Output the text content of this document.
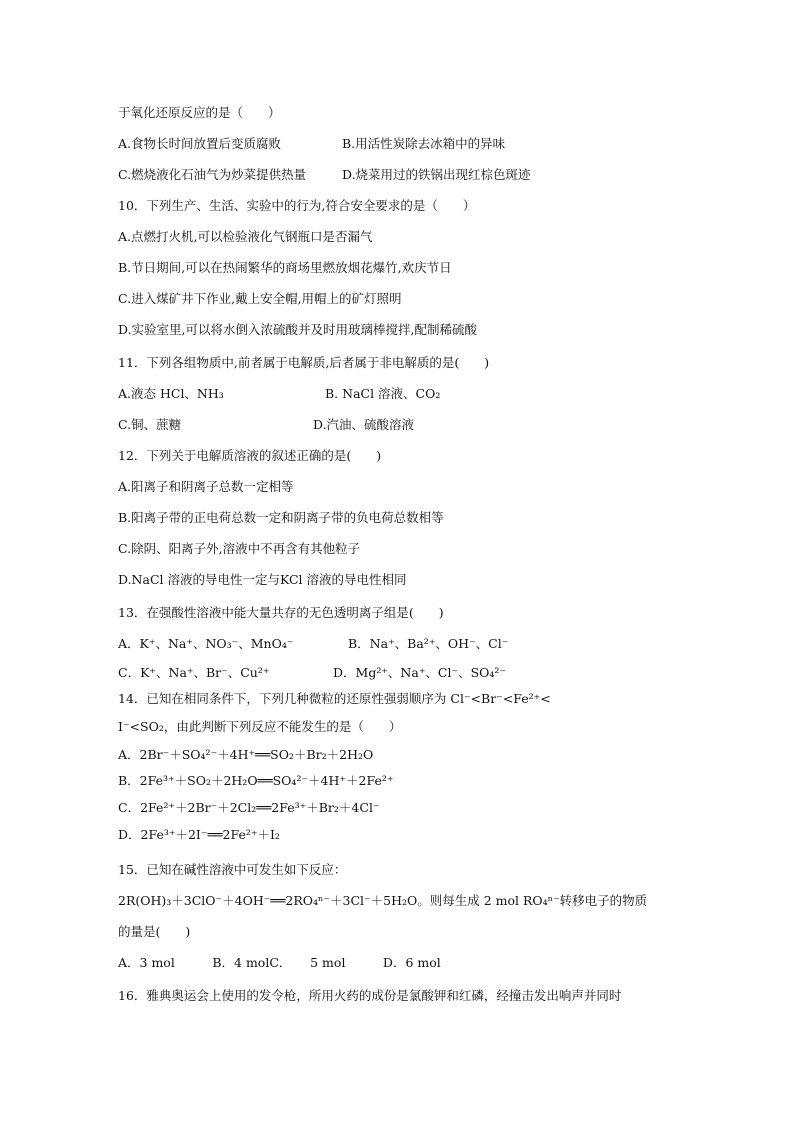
于氧化还原反应的是（　　）
A.食物长时间放置后变质腐败	B.用活性炭除去冰箱中的异味
C.燃烧液化石油气为炒菜提供热量	D.烧菜用过的铁锅出现红棕色斑迹
10．下列生产、生活、实验中的行为,符合安全要求的是（　　）
A.点燃打火机,可以检验液化气钢瓶口是否漏气
B.节日期间,可以在热闹繁华的商场里燃放烟花爆竹,欢庆节日
C.进入煤矿井下作业,戴上安全帽,用帽上的矿灯照明
D.实验室里,可以将水倒入浓硫酸并及时用玻璃棒搅拌,配制稀硫酸
11．下列各组物质中,前者属于电解质,后者属于非电解质的是(　　)
A.液态 HCl、NH₃	B. NaCl 溶液、CO₂
C.铜、蔗糖	D.汽油、硫酸溶液
12．下列关于电解质溶液的叙述正确的是(　　)
A.阳离子和阴离子总数一定相等
B.阳离子带的正电荷总数一定和阴离子带的负电荷总数相等
C.除阴、阳离子外,溶液中不再含有其他粒子
D.NaCl 溶液的导电性一定与KCl 溶液的导电性相同
13．在强酸性溶液中能大量共存的无色透明离子组是(　　)
A．K⁺、Na⁺、NO₃⁻、MnO₄⁻	B．Na⁺、Ba²⁺、OH⁻、Cl⁻
C．K⁺、Na⁺、Br⁻、Cu²⁺	D．Mg²⁺、Na⁺、Cl⁻、SO₄²⁻
14．已知在相同条件下，下列几种微粒的还原性强弱顺序为 Cl⁻<Br⁻<Fe²⁺<
I⁻<SO₂，由此判断下列反应不能发生的是（　　）
A．2Br⁻＋SO₄²⁻＋4H⁺══SO₂＋Br₂＋2H₂O
B．2Fe³⁺＋SO₂＋2H₂O══SO₄²⁻＋4H⁺＋2Fe²⁺
C．2Fe²⁺＋2Br⁻＋2Cl₂══2Fe³⁺＋Br₂＋4Cl⁻
D．2Fe³⁺＋2I⁻══2Fe²⁺＋I₂
15．已知在碱性溶液中可发生如下反应：
2R(OH)₃＋3ClO⁻＋4OH⁻══2RO₄ⁿ⁻＋3Cl⁻＋5H₂O。则每生成 2 mol RO₄ⁿ⁻转移电子的物质
的量是(　　)
A．3 mol　　　B．4 molC．　　5 mol　　　D．6 mol
16．雅典奥运会上使用的发令枪，所用火药的成份是氯酸钾和红磷，经撞击发出响声并同时
